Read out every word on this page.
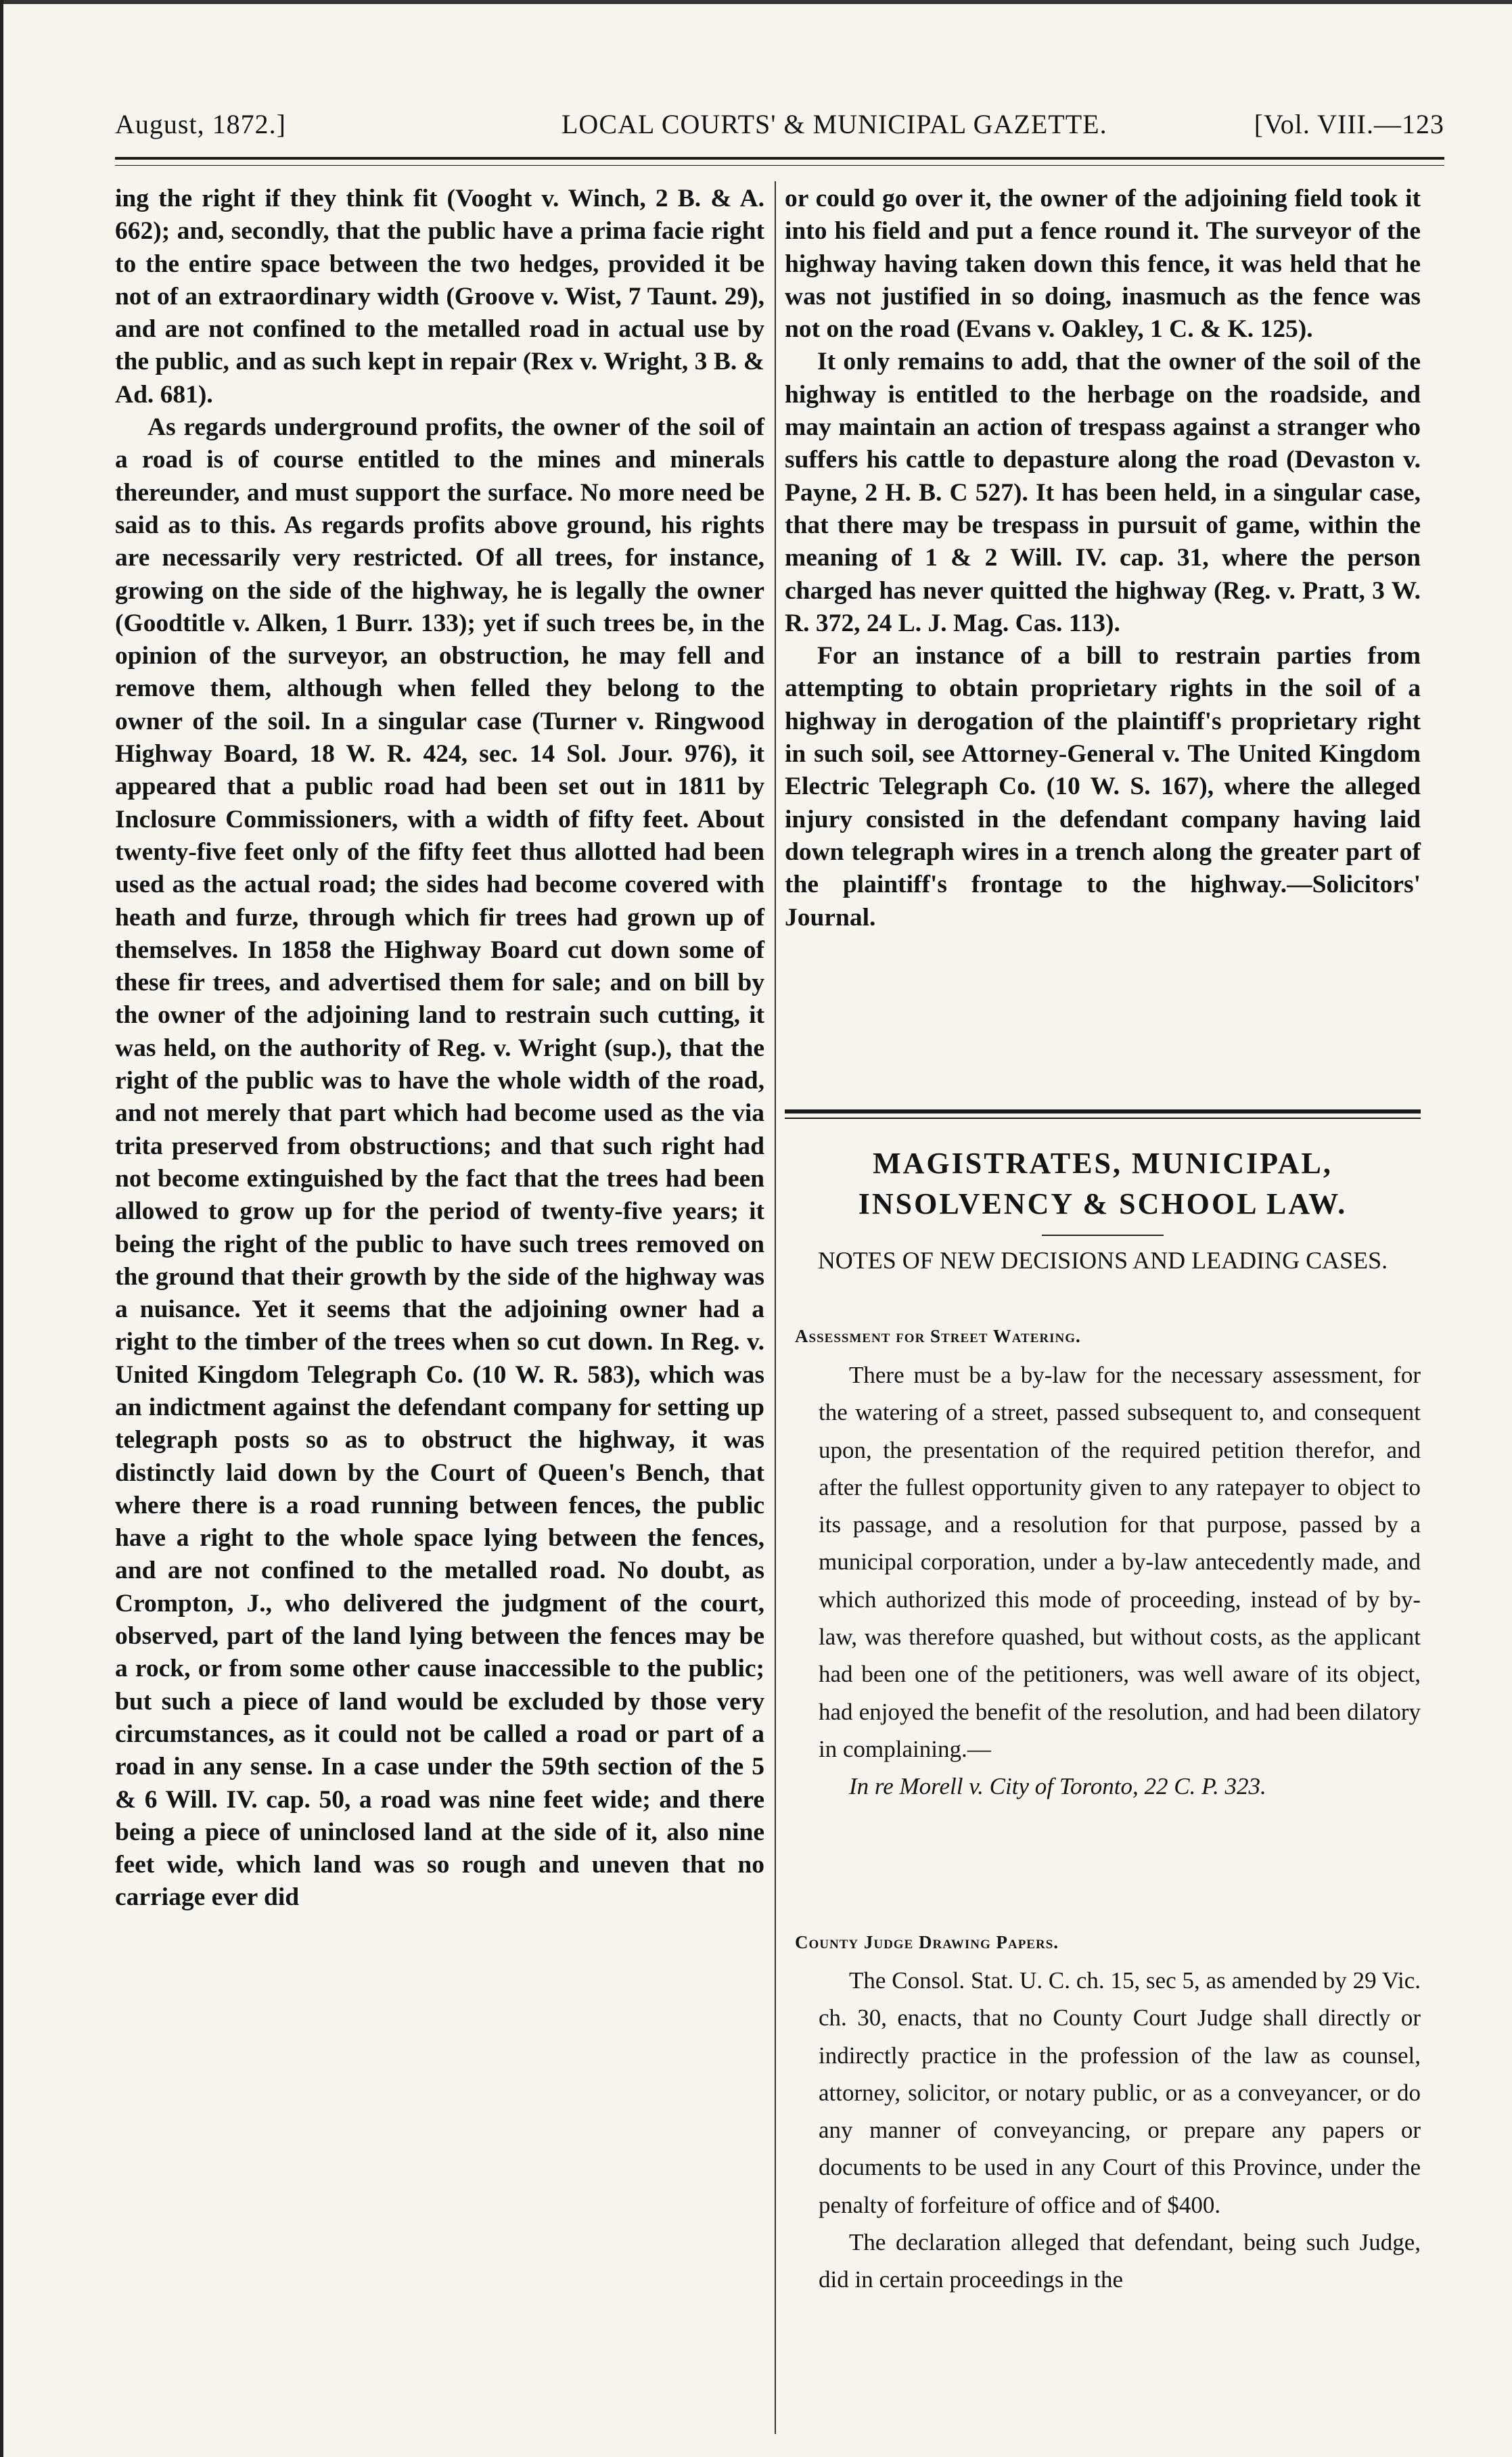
August, 1872.]	LOCAL COURTS' & MUNICIPAL GAZETTE.	[Vol. VIII.—123

ing the right if they think fit (Vooght v. Winch, 2 B. & A. 662); and, secondly, that the public have a prima facie right to the entire space between the two hedges, provided it be not of an extraordinary width (Groove v. Wist, 7 Taunt. 29), and are not confined to the metalled road in actual use by the public, and as such kept in repair (Rex v. Wright, 3 B. & Ad. 681).

As regards underground profits, the owner of the soil of a road is of course entitled to the mines and minerals thereunder, and must support the surface. No more need be said as to this. As regards profits above ground, his rights are necessarily very restricted. Of all trees, for instance, growing on the side of the highway, he is legally the owner (Goodtitle v. Alken, 1 Burr. 133); yet if such trees be, in the opinion of the surveyor, an obstruction, he may fell and remove them, although when felled they belong to the owner of the soil. In a singular case (Turner v. Ringwood Highway Board, 18 W. R. 424, sec. 14 Sol. Jour. 976), it appeared that a public road had been set out in 1811 by Inclosure Commissioners, with a width of fifty feet. About twenty-five feet only of the fifty feet thus allotted had been used as the actual road; the sides had become covered with heath and furze, through which fir trees had grown up of themselves. In 1858 the Highway Board cut down some of these fir trees, and advertised them for sale; and on bill by the owner of the adjoining land to restrain such cutting, it was held, on the authority of Reg. v. Wright (sup.), that the right of the public was to have the whole width of the road, and not merely that part which had become used as the via trita preserved from obstructions; and that such right had not become extinguished by the fact that the trees had been allowed to grow up for the period of twenty-five years; it being the right of the public to have such trees removed on the ground that their growth by the side of the highway was a nuisance. Yet it seems that the adjoining owner had a right to the timber of the trees when so cut down. In Reg. v. United Kingdom Telegraph Co. (10 W. R. 583), which was an indictment against the defendant company for setting up telegraph posts so as to obstruct the highway, it was distinctly laid down by the Court of Queen's Bench, that where there is a road running between fences, the public have a right to the whole space lying between the fences, and are not confined to the metalled road. No doubt, as Crompton, J., who delivered the judgment of the court, observed, part of the land lying between the fences may be a rock, or from some other cause inaccessible to the public; but such a piece of land would be excluded by those very circumstances, as it could not be called a road or part of a road in any sense. In a case under the 59th section of the 5 & 6 Will. IV. cap. 50, a road was nine feet wide; and there being a piece of uninclosed land at the side of it, also nine feet wide, which land was so rough and uneven that no carriage ever did

or could go over it, the owner of the adjoining field took it into his field and put a fence round it. The surveyor of the highway having taken down this fence, it was held that he was not justified in so doing, inasmuch as the fence was not on the road (Evans v. Oakley, 1 C. & K. 125).

It only remains to add, that the owner of the soil of the highway is entitled to the herbage on the roadside, and may maintain an action of trespass against a stranger who suffers his cattle to depasture along the road (Devaston v. Payne, 2 H. B. C 527). It has been held, in a singular case, that there may be trespass in pursuit of game, within the meaning of 1 & 2 Will. IV. cap. 31, where the person charged has never quitted the highway (Reg. v. Pratt, 3 W. R. 372, 24 L. J. Mag. Cas. 113).

For an instance of a bill to restrain parties from attempting to obtain proprietary rights in the soil of a highway in derogation of the plaintiff's proprietary right in such soil, see Attorney-General v. The United Kingdom Electric Telegraph Co. (10 W. S. 167), where the alleged injury consisted in the defendant company having laid down telegraph wires in a trench along the greater part of the plaintiff's frontage to the highway.—Solicitors' Journal.

MAGISTRATES, MUNICIPAL, INSOLVENCY & SCHOOL LAW.
NOTES OF NEW DECISIONS AND LEADING CASES.
Assessment for Street Watering.

There must be a by-law for the necessary assessment, for the watering of a street, passed subsequent to, and consequent upon, the presentation of the required petition therefor, and after the fullest opportunity given to any ratepayer to object to its passage, and a resolution for that purpose, passed by a municipal corporation, under a by-law antecedently made, and which authorized this mode of proceeding, instead of by by-law, was therefore quashed, but without costs, as the applicant had been one of the petitioners, was well aware of its object, had enjoyed the benefit of the resolution, and had been dilatory in complaining.—

In re Morell v. City of Toronto, 22 C. P. 323.

County Judge Drawing Papers.

The Consol. Stat. U. C. ch. 15, sec 5, as amended by 29 Vic. ch. 30, enacts, that no County Court Judge shall directly or indirectly practice in the profession of the law as counsel, attorney, solicitor, or notary public, or as a conveyancer, or do any manner of conveyancing, or prepare any papers or documents to be used in any Court of this Province, under the penalty of forfeiture of office and of $400.

The declaration alleged that defendant, being such Judge, did in certain proceedings in the
